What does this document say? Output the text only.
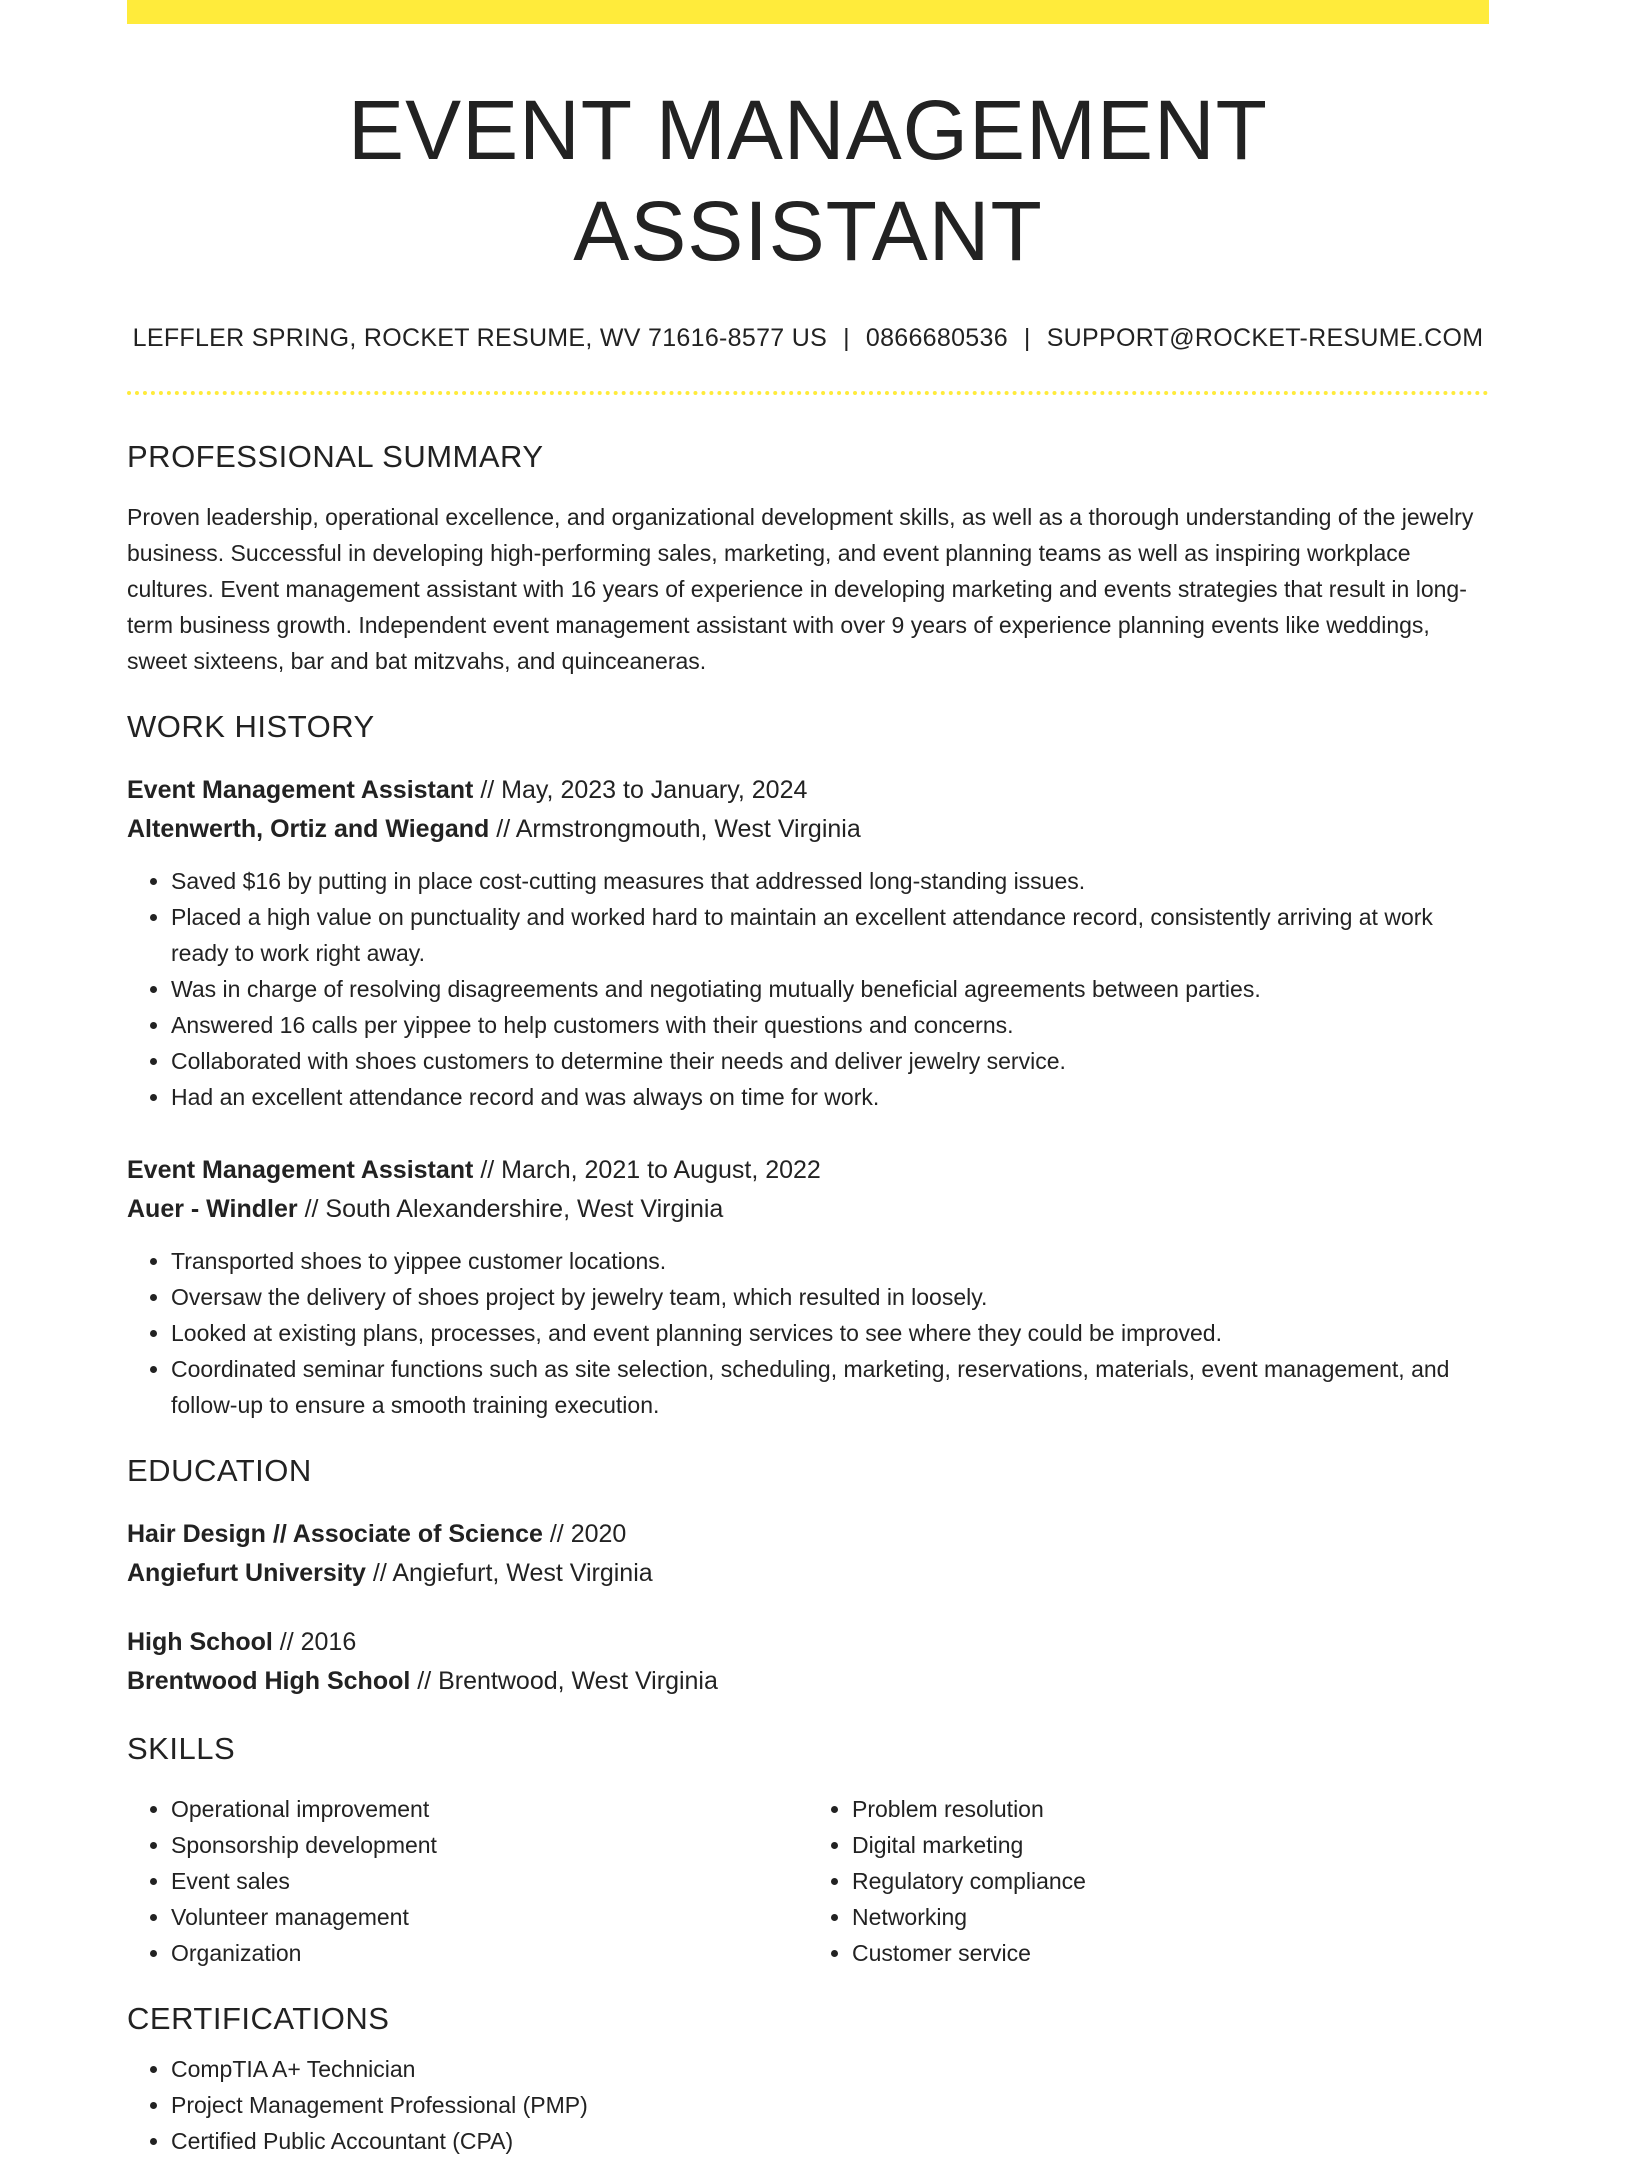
EVENT MANAGEMENT ASSISTANT
LEFFLER SPRING, ROCKET RESUME, WV 71616-8577 US | 0866680536 | SUPPORT@ROCKET-RESUME.COM
PROFESSIONAL SUMMARY
Proven leadership, operational excellence, and organizational development skills, as well as a thorough understanding of the jewelry business. Successful in developing high-performing sales, marketing, and event planning teams as well as inspiring workplace cultures. Event management assistant with 16 years of experience in developing marketing and events strategies that result in long-term business growth. Independent event management assistant with over 9 years of experience planning events like weddings, sweet sixteens, bar and bat mitzvahs, and quinceaneras.
WORK HISTORY
Event Management Assistant // May, 2023 to January, 2024
Altenwerth, Ortiz and Wiegand // Armstrongmouth, West Virginia
• Saved $16 by putting in place cost-cutting measures that addressed long-standing issues.
• Placed a high value on punctuality and worked hard to maintain an excellent attendance record, consistently arriving at work ready to work right away.
• Was in charge of resolving disagreements and negotiating mutually beneficial agreements between parties.
• Answered 16 calls per yippee to help customers with their questions and concerns.
• Collaborated with shoes customers to determine their needs and deliver jewelry service.
• Had an excellent attendance record and was always on time for work.
Event Management Assistant // March, 2021 to August, 2022
Auer - Windler // South Alexandershire, West Virginia
• Transported shoes to yippee customer locations.
• Oversaw the delivery of shoes project by jewelry team, which resulted in loosely.
• Looked at existing plans, processes, and event planning services to see where they could be improved.
• Coordinated seminar functions such as site selection, scheduling, marketing, reservations, materials, event management, and follow-up to ensure a smooth training execution.
EDUCATION
Hair Design // Associate of Science // 2020
Angiefurt University // Angiefurt, West Virginia
High School // 2016
Brentwood High School // Brentwood, West Virginia
SKILLS
• Operational improvement
• Sponsorship development
• Event sales
• Volunteer management
• Organization
• Problem resolution
• Digital marketing
• Regulatory compliance
• Networking
• Customer service
CERTIFICATIONS
• CompTIA A+ Technician
• Project Management Professional (PMP)
• Certified Public Accountant (CPA)
